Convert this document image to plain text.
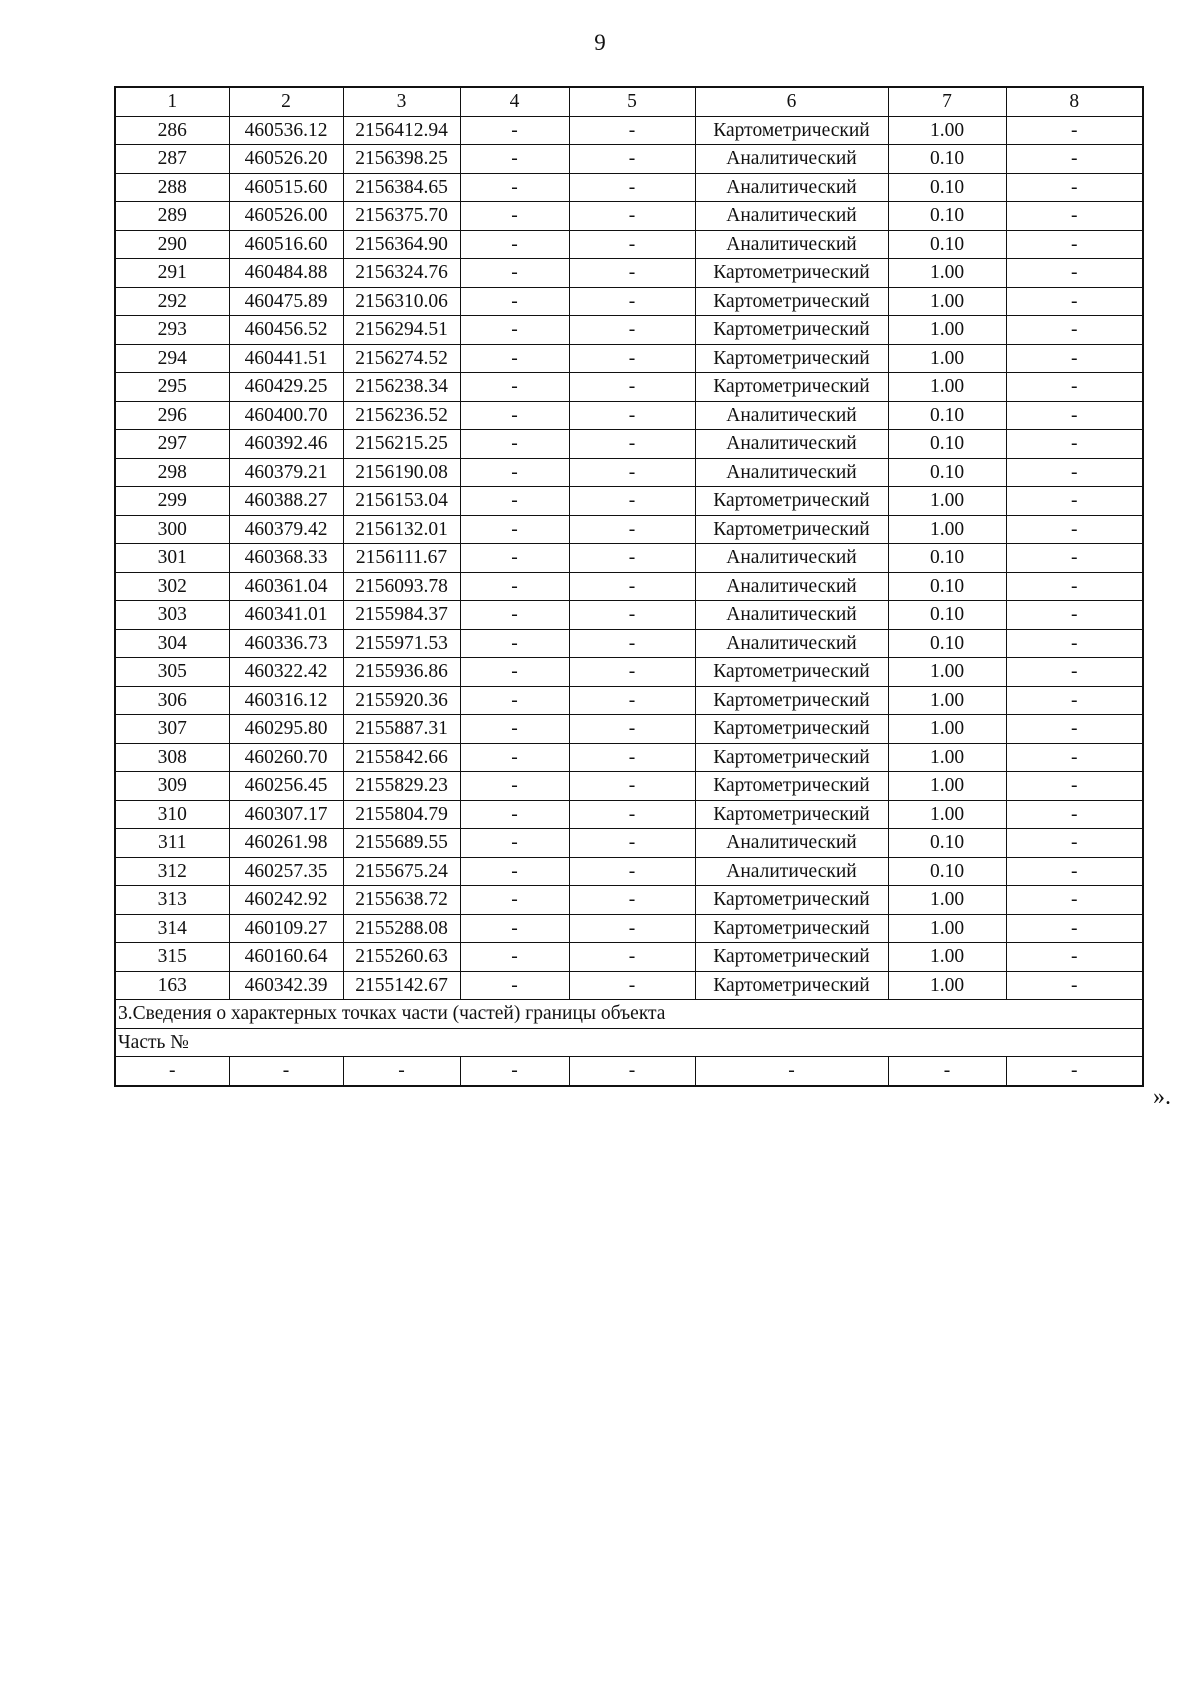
9
1	2	3	4	5	6	7	8
286	460536.12	2156412.94	-	-	Картометрический	1.00	-
287	460526.20	2156398.25	-	-	Аналитический	0.10	-
288	460515.60	2156384.65	-	-	Аналитический	0.10	-
289	460526.00	2156375.70	-	-	Аналитический	0.10	-
290	460516.60	2156364.90	-	-	Аналитический	0.10	-
291	460484.88	2156324.76	-	-	Картометрический	1.00	-
292	460475.89	2156310.06	-	-	Картометрический	1.00	-
293	460456.52	2156294.51	-	-	Картометрический	1.00	-
294	460441.51	2156274.52	-	-	Картометрический	1.00	-
295	460429.25	2156238.34	-	-	Картометрический	1.00	-
296	460400.70	2156236.52	-	-	Аналитический	0.10	-
297	460392.46	2156215.25	-	-	Аналитический	0.10	-
298	460379.21	2156190.08	-	-	Аналитический	0.10	-
299	460388.27	2156153.04	-	-	Картометрический	1.00	-
300	460379.42	2156132.01	-	-	Картометрический	1.00	-
301	460368.33	2156111.67	-	-	Аналитический	0.10	-
302	460361.04	2156093.78	-	-	Аналитический	0.10	-
303	460341.01	2155984.37	-	-	Аналитический	0.10	-
304	460336.73	2155971.53	-	-	Аналитический	0.10	-
305	460322.42	2155936.86	-	-	Картометрический	1.00	-
306	460316.12	2155920.36	-	-	Картометрический	1.00	-
307	460295.80	2155887.31	-	-	Картометрический	1.00	-
308	460260.70	2155842.66	-	-	Картометрический	1.00	-
309	460256.45	2155829.23	-	-	Картометрический	1.00	-
310	460307.17	2155804.79	-	-	Картометрический	1.00	-
311	460261.98	2155689.55	-	-	Аналитический	0.10	-
312	460257.35	2155675.24	-	-	Аналитический	0.10	-
313	460242.92	2155638.72	-	-	Картометрический	1.00	-
314	460109.27	2155288.08	-	-	Картометрический	1.00	-
315	460160.64	2155260.63	-	-	Картометрический	1.00	-
163	460342.39	2155142.67	-	-	Картометрический	1.00	-
3.Сведения о характерных точках части (частей) границы объекта							
Часть №							
-	-	-	-	-	-	-	-
».
